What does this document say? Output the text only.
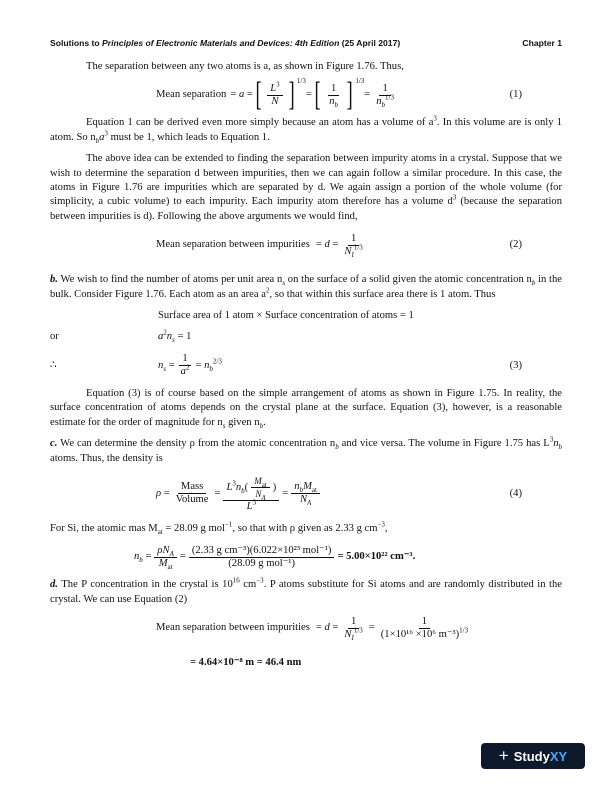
Solutions to Principles of Electronic Materials and Devices: 4th Edition (25 April 2017)	Chapter 1

The separation between any two atoms is a, as shown in Figure 1.76. Thus,

Mean separation = a = [ $\frac{L^3}{N}$ ] $^{1/3}$
= [ $\frac{1}{n_b}$ ] $^{1/3}$
= $\frac{1}{n_b^{1/3}}$	(1)

Equation 1 can be derived even more simply because an atom has a volume of $a^3$. In this volume are is only 1 atom. So $n_ba^3$ must be 1, which leads to Equation 1.

The above idea can be extended to finding the separation between impurity atoms in a crystal. Suppose that we wish to determine the separation d between impurities, then we can again follow a similar procedure. In this case, the atoms in Figure 1.76 are impurities which are separated by d. We again assign a portion of the whole volume (for simplicity, a cubic volume) to each impurity. Each impurity atom therefore has a volume $d^3$ (because the separation between impurities is d). Following the above arguments we would find,

Mean separation between impurities = $d = \frac{1}{N_I^{1/3}}$	(2)

b. We wish to find the number of atoms per unit area $n_s$ on the surface of a solid given the atomic concentration $n_b$ in the bulk. Consider Figure 1.76. Each atom as an area $a^2$, so that within this surface area there is 1 atom. Thus

Surface area of 1 atom × Surface concentration of atoms = 1
or	$a^2n_s = 1$
∴	$n_s = \frac{1}{a^2} = n_b^{2/3}$	(3)

Equation (3) is of course based on the simple arrangement of atoms as shown in Figure 1.75. In reality, the surface concentration of atoms depends on the crystal plane at the surface. Equation (3), however, is a reasonable estimate for the order of magnitude for $n_s$ given $n_b$.

c. We can determine the density ρ from the atomic concentration $n_b$ and vice versa. The volume in Figure 1.75 has $L^3n_b$ atoms. Thus, the density is

$\rho = \frac{\text{Mass}}{\text{Volume}} = \frac{L^3n_b( \frac{M_{at}}{N_A} )}{L^3} = \frac{n_bM_{at}}{N_A}$	(4)

For Si, the atomic mas $M_{at} = 28.09$ g mol$^{-1}$, so that with ρ given as 2.33 g $cm^{-3}$,

$n_b = \frac{\rho N_A}{M_{at}} = \frac{\text{(2.33 g cm⁻³)(6.022×10²³ mol⁻¹)}}{\text{(28.09 g mol⁻¹)}} = 5.00\times 10^{22}$ cm⁻³.

d. The P concentration in the crystal is $10^{16}$ $cm^{-3}$. P atoms substitute for Si atoms and are randomly distributed in the crystal. We can use Equation (2)

Mean separation between impurities = $d = \frac{1}{N_I^{1/3}} = \frac{1}{(1\times 10^{16} \times 10^6 m^{-3})^{1/3}}$

= 4.64×10⁻⁸ m = 46.4 nm

+ StudyXY
